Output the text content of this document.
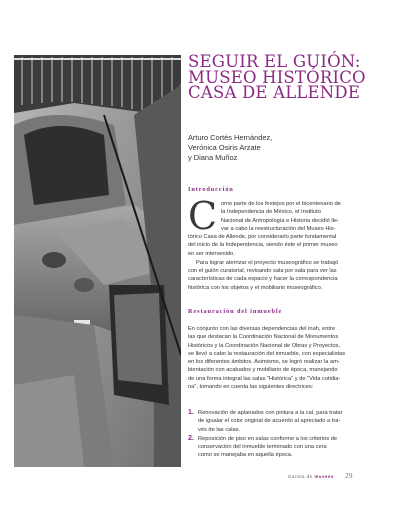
SEGUIR EL GUIÓN: MUSEO HISTÓRICO CASA DE ALLENDE
Arturo Cortés Hernández,
Verónica Osiris Arzate
y Diana Muñoz
Introducción
C omo parte de los festejos por el bicentenario de
la Independencia de México, el Instituto
Nacional de Antropología e Historia decidió lle-
var a cabo la reestructuración del Museo His-
tórico Casa de Allende, por considerarlo parte fundamental
del inicio de la Independencia, siendo éste el primer museo
en ser intervenido.

Para lograr aterrizar el proyecto museográfico se trabajó
con el guión curatorial, revisando sala por sala para ver las
características de cada espacio y hacer la correspondencia
histórica con los objetos y el mobiliario museográfico.

Restauración del inmueble
En conjunto con las diversas dependencias del inah, entre
las que destacan la Coordinación Nacional de Monumentos
Históricos y la Coordinación Nacional de Obras y Proyectos,
se llevó a cabo la restauración del inmueble, con especialistas
en los diferentes ámbitos. Asimismo, se logró realizar la am-
bientación con acabados y mobiliario de época, manejando
de una forma integral las salas "Histórica" y de "Vida cotidia-
na", tomando en cuenta las siguientes directrices:
1. Renovación de aplanados con pintura a la cal, para tratar
de igualar el color original de acuerdo al apreciado a tra-
vés de las calas.
2. Reposición de piso en salas conforme a los criterios de
conservación del inmueble terminado con una cera
como se manejaba en aquella época.
Gaceta de museos 29
